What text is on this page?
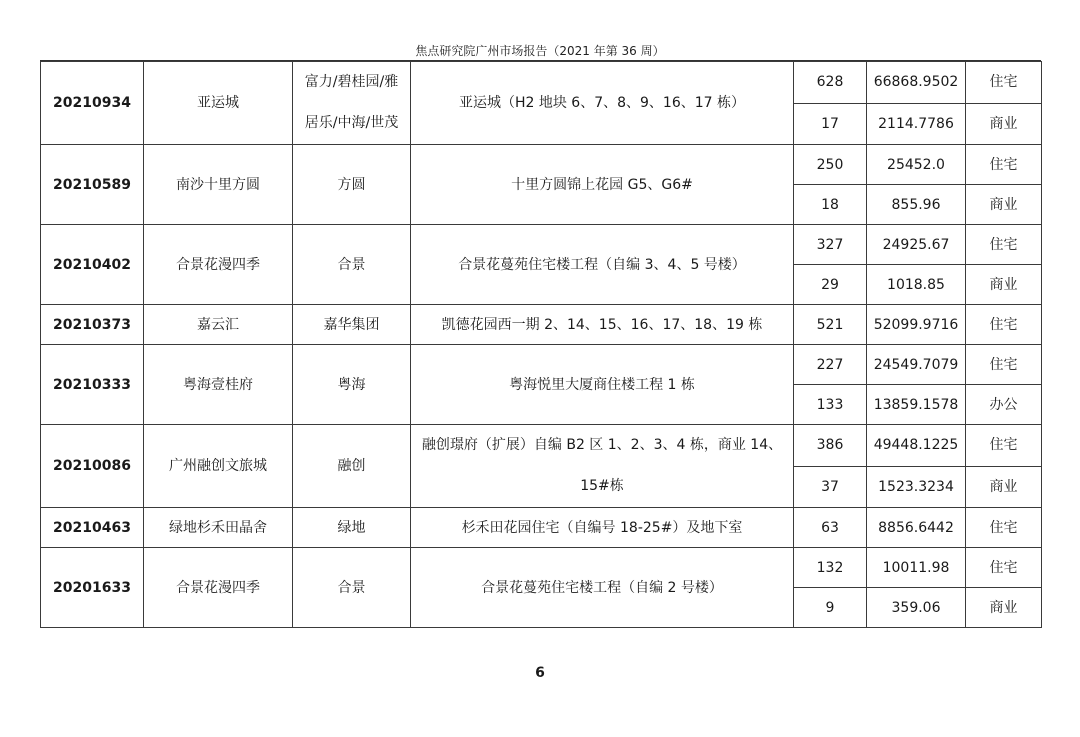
焦点研究院广州市场报告（2021 年第 36 周）
20210934	亚运城	富力/碧桂园/雅居乐/中海/世茂	亚运城（H2 地块 6、7、8、9、16、17 栋）	628	66868.9502	住宅
				17	2114.7786	商业
20210589	南沙十里方圆	方圆	十里方圆锦上花园 G5、G6#	250	25452.0	住宅
				18	855.96	商业
20210402	合景花漫四季	合景	合景花蔓苑住宅楼工程（自编 3、4、5 号楼）	327	24925.67	住宅
				29	1018.85	商业
20210373	嘉云汇	嘉华集团	凯德花园西一期 2、14、15、16、17、18、19 栋	521	52099.9716	住宅
20210333	粤海壹桂府	粤海	粤海悦里大厦商住楼工程 1 栋	227	24549.7079	住宅
				133	13859.1578	办公
20210086	广州融创文旅城	融创	融创璟府（扩展）自编 B2 区 1、2、3、4 栋，商业 14、15#栋	386	49448.1225	住宅
				37	1523.3234	商业
20210463	绿地杉禾田晶舍	绿地	杉禾田花园住宅（自编号 18-25#）及地下室	63	8856.6442	住宅
20201633	合景花漫四季	合景	合景花蔓苑住宅楼工程（自编 2 号楼）	132	10011.98	住宅
				9	359.06	商业
6
